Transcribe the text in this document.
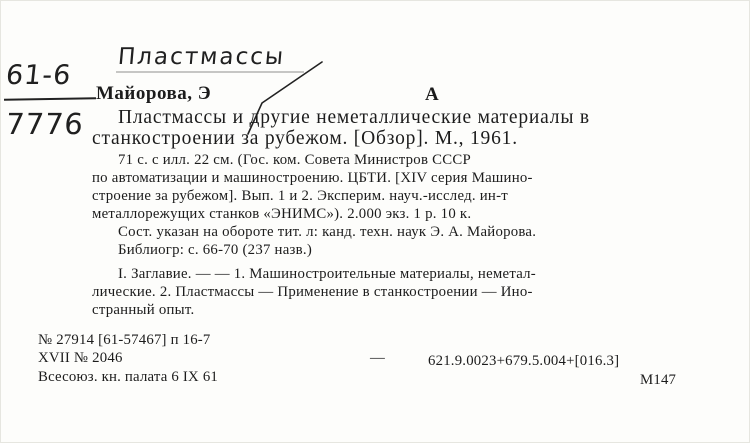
61-6
7776
Пластмассы
Майорова, Э	А
Пластмассы и другие неметаллические материалы в
станкостроении за рубежом. [Обзор]. М., 1961.
71 с. с илл. 22 см. (Гос. ком. Совета Министров СССР
по автоматизации и машиностроению. ЦБТИ. [XIV серия Машино-
строение за рубежом]. Вып. 1 и 2. Эксперим. науч.-исслед. ин-т
металлорежущих станков «ЭНИМС»). 2.000 экз. 1 р. 10 к.
Сост. указан на обороте тит. л: канд. техн. наук Э. А. Майорова.
Библиогр: с. 66-70 (237 назв.)
I. Заглавие. — — 1. Машиностроительные материалы, неметал-
лические. 2. Пластмассы — Применение в станкостроении — Ино-
странный опыт.
№ 27914 [61-57467] п 16-7
XVII № 2046
Всесоюз. кн. палата 6 IX 61
—	621.9.0023+679.5.004+[016.3]
М147
